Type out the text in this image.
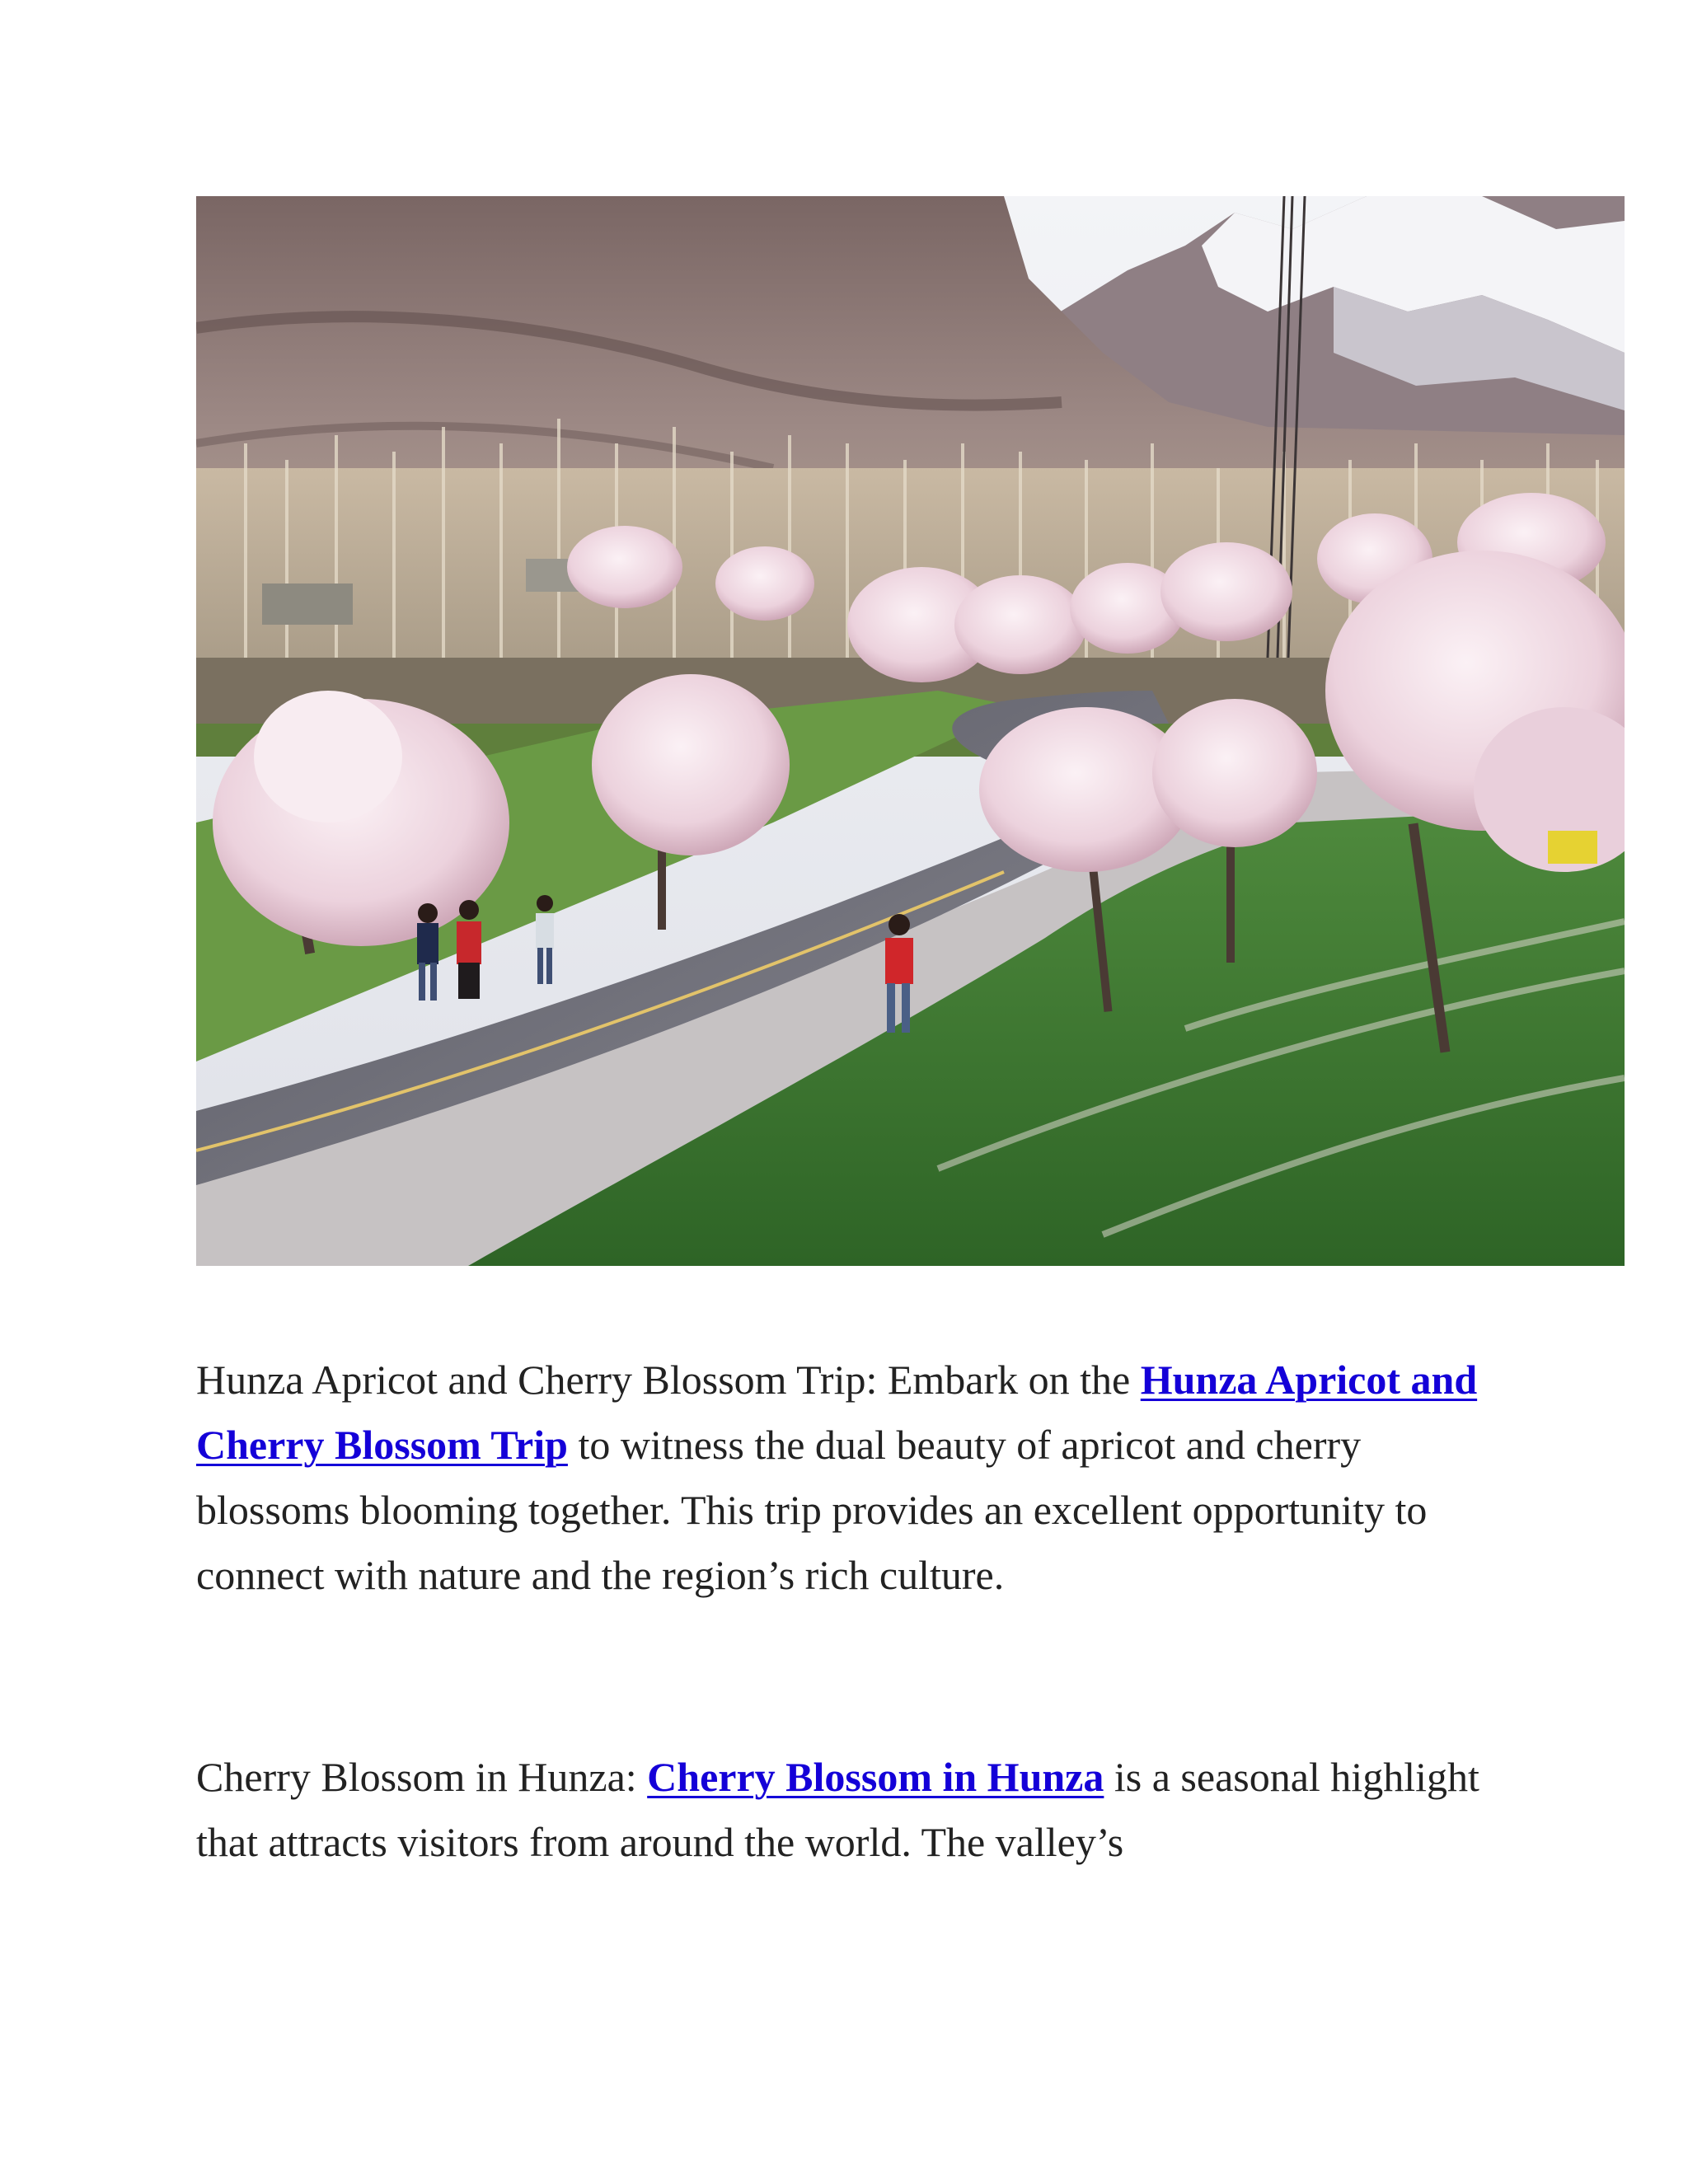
Hunza Apricot and Cherry Blossom Trip: Embark on the Hunza Apricot and Cherry Blossom Trip to witness the dual beauty of apricot and cherry blossoms blooming together. This trip provides an excellent opportunity to connect with nature and the region’s rich culture.

Cherry Blossom in Hunza: Cherry Blossom in Hunza is a seasonal highlight that attracts visitors from around the world. The valley’s
